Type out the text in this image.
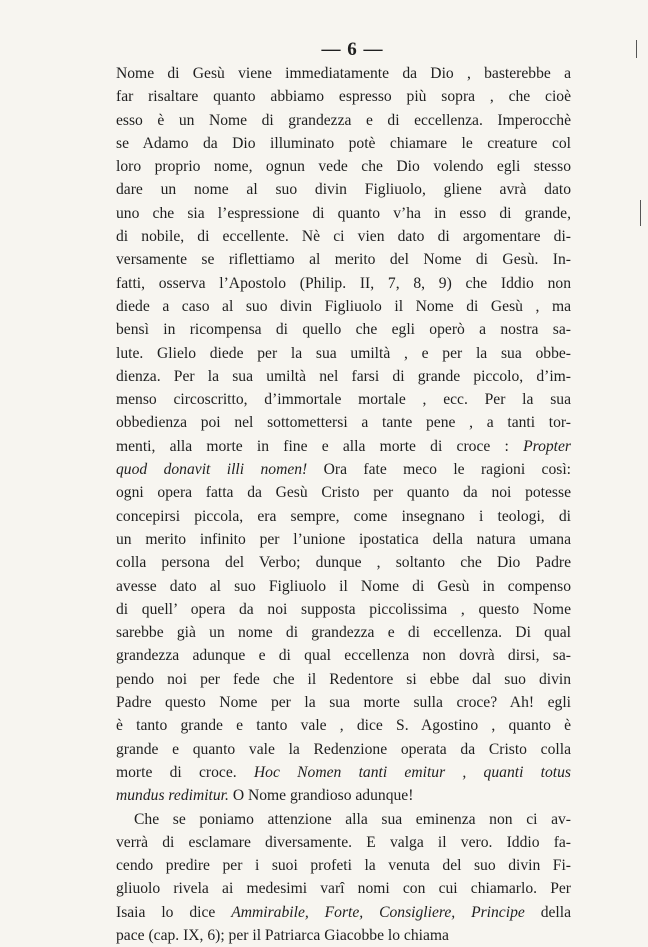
— 6 —
Nome di Gesù viene immediatamente da Dio , basterebbe a
far risaltare quanto abbiamo espresso più sopra , che cioè
esso è un Nome di grandezza e di eccellenza. Imperocchè
se Adamo da Dio illuminato potè chiamare le creature col
loro proprio nome, ognun vede che Dio volendo egli stesso
dare un nome al suo divin Figliuolo, gliene avrà dato
uno che sia l’espressione di quanto v’ha in esso di grande,
di nobile, di eccellente. Nè ci vien dato di argomentare di-
versamente se riflettiamo al merito del Nome di Gesù. In-
fatti, osserva l’Apostolo (Philip. II, 7, 8, 9) che Iddio non
diede a caso al suo divin Figliuolo il Nome di Gesù , ma
bensì in ricompensa di quello che egli operò a nostra sa-
lute. Glielo diede per la sua umiltà , e per la sua obbe-
dienza. Per la sua umiltà nel farsi di grande piccolo, d’im-
menso circoscritto, d’immortale mortale , ecc. Per la sua
obbedienza poi nel sottomettersi a tante pene , a tanti tor-
menti, alla morte in fine e alla morte di croce : Propter
quod donavit illi nomen! Ora fate meco le ragioni così:
ogni opera fatta da Gesù Cristo per quanto da noi potesse
concepirsi piccola, era sempre, come insegnano i teologi, di
un merito infinito per l’unione ipostatica della natura umana
colla persona del Verbo; dunque , soltanto che Dio Padre
avesse dato al suo Figliuolo il Nome di Gesù in compenso
di quell’ opera da noi supposta piccolissima , questo Nome
sarebbe già un nome di grandezza e di eccellenza. Di qual
grandezza adunque e di qual eccellenza non dovrà dirsi, sa-
pendo noi per fede che il Redentore si ebbe dal suo divin
Padre questo Nome per la sua morte sulla croce? Ah! egli
è tanto grande e tanto vale , dice S. Agostino , quanto è
grande e quanto vale la Redenzione operata da Cristo colla
morte di croce. Hoc Nomen tanti emitur , quanti totus
mundus redimitur. O Nome grandioso adunque!
Che se poniamo attenzione alla sua eminenza non ci av-
verrà di esclamare diversamente. E valga il vero. Iddio fa-
cendo predire per i suoi profeti la venuta del suo divin Fi-
gliuolo rivela ai medesimi varî nomi con cui chiamarlo. Per
Isaia lo dice Ammirabile, Forte, Consigliere, Principe della
pace (cap. IX, 6); per il Patriarca Giacobbe lo chiama
